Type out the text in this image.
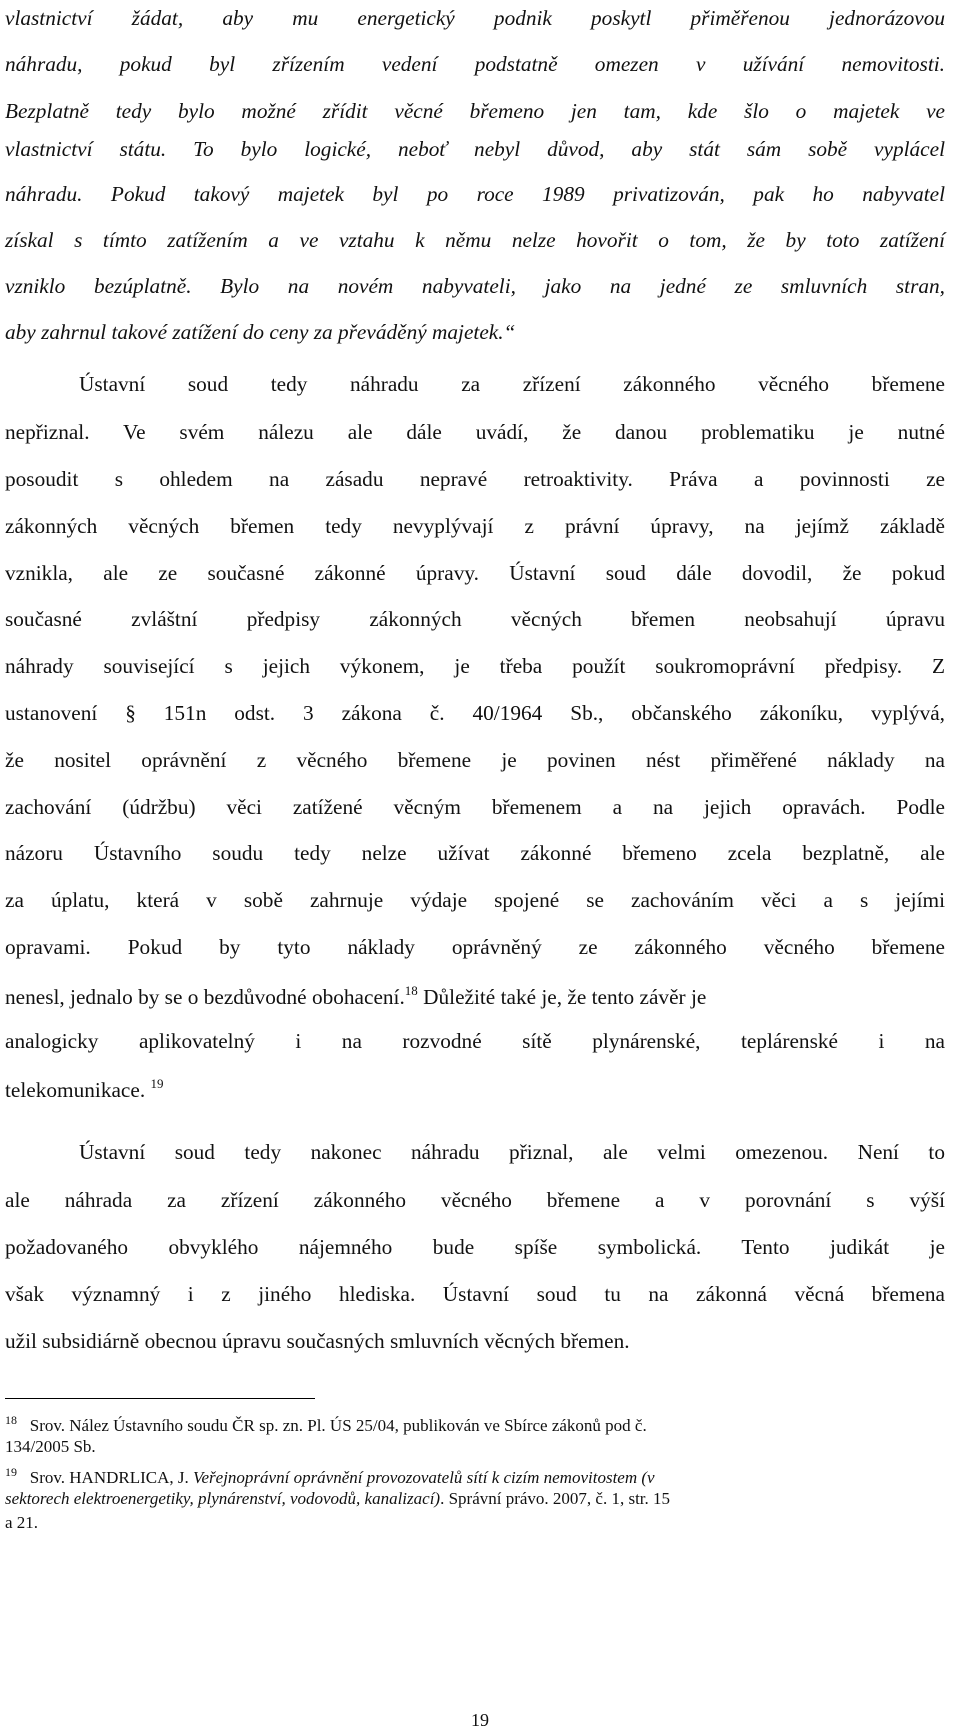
vlastnictví žádat, aby mu energetický podnik poskytl přiměřenou jednorázovou
náhradu, pokud byl zřízením vedení podstatně omezen v užívání nemovitosti.
Bezplatně tedy bylo možné zřídit věcné břemeno jen tam, kde šlo o majetek ve
vlastnictví státu. To bylo logické, neboť nebyl důvod, aby stát sám sobě vyplácel
náhradu. Pokud takový majetek byl po roce 1989 privatizován, pak ho nabyvatel
získal s tímto zatížením a ve vztahu k němu nelze hovořit o tom, že by toto zatížení
vzniklo bezúplatně. Bylo na novém nabyvateli, jako na jedné ze smluvních stran,
aby zahrnul takové zatížení do ceny za převáděný majetek.“
Ústavní soud tedy náhradu za zřízení zákonného věcného břemene
nepřiznal. Ve svém nálezu ale dále uvádí, že danou problematiku je nutné
posoudit s ohledem na zásadu nepravé retroaktivity. Práva a povinnosti ze
zákonných věcných břemen tedy nevyplývají z právní úpravy, na jejímž základě
vznikla, ale ze současné zákonné úpravy. Ústavní soud dále dovodil, že pokud
současné zvláštní předpisy zákonných věcných břemen neobsahují úpravu
náhrady související s jejich výkonem, je třeba použít soukromoprávní předpisy. Z
ustanovení § 151n odst. 3 zákona č. 40/1964 Sb., občanského zákoníku, vyplývá,
že nositel oprávnění z věcného břemene je povinen nést přiměřené náklady na
zachování (údržbu) věci zatížené věcným břemenem a na jejich opravách. Podle
názoru Ústavního soudu tedy nelze užívat zákonné břemeno zcela bezplatně, ale
za úplatu, která v sobě zahrnuje výdaje spojené se zachováním věci a s jejími
opravami. Pokud by tyto náklady oprávněný ze zákonného věcného břemene
nenesl, jednalo by se o bezdůvodné obohacení.$^{18}$ Důležité také je, že tento závěr je
analogicky aplikovatelný i na rozvodné sítě plynárenské, teplárenské i na
telekomunikace. $^{19}$
Ústavní soud tedy nakonec náhradu přiznal, ale velmi omezenou. Není to
ale náhrada za zřízení zákonného věcného břemene a v porovnání s výší
požadovaného obvyklého nájemného bude spíše symbolická. Tento judikát je
však významný i z jiného hlediska. Ústavní soud tu na zákonná věcná břemena
užil subsidiárně obecnou úpravu současných smluvních věcných břemen.
$^{18}$ Srov. Nález Ústavního soudu ČR sp. zn. Pl. ÚS 25/04, publikován ve Sbírce zákonů pod č.
134/2005 Sb.
$^{19}$ Srov. HANDRLICA, J. Veřejnoprávní oprávnění provozovatelů sítí k cizím nemovitostem (v
sektorech elektroenergetiky, plynárenství, vodovodů, kanalizací). Správní právo. 2007, č. 1, str. 15
a 21.
19
